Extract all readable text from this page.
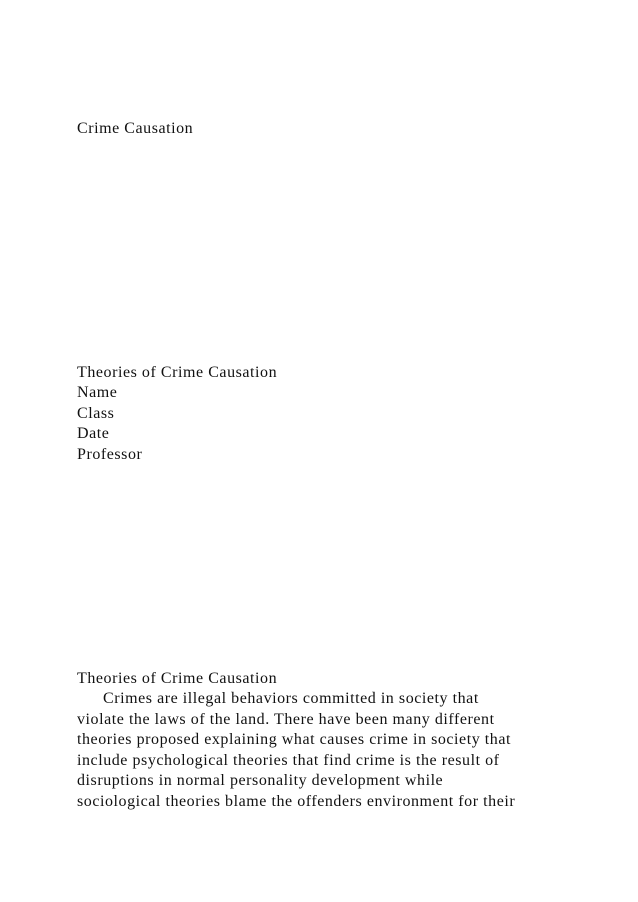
Crime Causation

Theories of Crime Causation

Name

Class

Date

Professor

Theories of Crime Causation

Crimes are illegal behaviors committed in society that

violate the laws of the land. There have been many different

theories proposed explaining what causes crime in society that

include psychological theories that find crime is the result of

disruptions in normal personality development while

sociological theories blame the offenders environment for their
